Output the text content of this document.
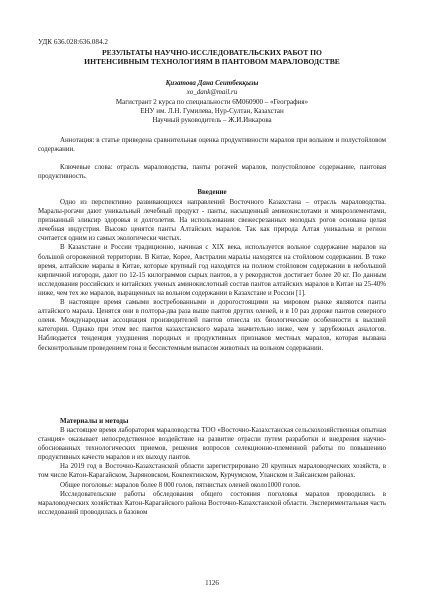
УДК 636.028:636.084.2
РЕЗУЛЬТАТЫ НАУЧНО-ИССЛЕДОВАТЕЛЬСКИХ РАБОТ ПО
ИНТЕНСИВНЫМ ТЕХНОЛОГИЯМ В ПАНТОВОМ МАРАЛОВОДСТВЕ
Қизатова Дана Сеитбекқызы
xo_dank@mail.ru
Магистрант 2 курса по специальности 6М060900 – «География»
ЕНУ им. Л.Н. Гумилева, Нур-Султан, Казахстан
Научный руководитель – Ж.И.Инкарова
Аннотация: в статье приведена сравнительная оценка продуктивности маралов при вольном и полустойловом содержании.
Ключевые слова: отрасль мараловодства, панты рогачей маралов, полустойловое содержание, пантовая продуктивность.
Введение

Одно из перспективно развивающихся направлений Восточного Казахстана – отрасль мараловодства. Маралы-рогачи дают уникальный лечебный продукт - панты, насыщенный аминокислотами и микроэлементами, признанный эликсир здоровья и долголетия. На использовании свежесрезанных молодых рогов основана целая лечебная индустрия. Высоко ценятся панты Алтайских маралов. Так как природа Алтая уникальна и регион считается одним из самых экологически чистых.

В Казахстане и России традиционно, начиная с XIX века, используется вольное содержание маралов на большой огороженной территории. В Китае, Корее, Австралии маралы находятся на стойловом содержании. В тоже время, алтайские маралы в Китае, которые крупный год находятся на полном стойловом содержании в небольшой кирпичной изгороди, дают по 12-15 килограммов сырых пантов, в у рекордистов достигает более 20 кг. По данным исследования российских и китайских ученых аминокислотный состав пантов алтайских маралов в Китае на 25-40% ниже, чем тех же маралов, выращенных на вольном содержании в Казахстане и России [1].

В настоящее время самыми востребованными и дорогостоящими на мировом рынке являются панты алтайского марала. Ценятся они в полтора-два раза выше пантов других оленей, и в 10 раз дороже пантов северного оленя. Международная ассоциация производителей пантов отнесла их биологические особенности к высшей категории. Однако при этом вес пантов казахстанского марала значительно ниже, чем у зарубежных аналогов. Наблюдается тенденция ухудшения породных и продуктивных признаков местных маралов, которая вызвана бесконтрольным проведением гона и бессистемным выпасом животных на вольном содержании.

Материалы и методы

В настоящее время лаборатория мараловодства ТОО «Восточно-Казахстанская сельскохозяйственная опытная станция» оказывает непосредственное воздействие на развитие отрасли путем разработки и внедрения научно-обоснованных технологических приемов, решения вопросов селекционно-племенной работы по повышению продуктивных качеств маралов и их выходу пантов.

На 2019 год в Восточно-Казахстанской области зарегистрировано 20 крупных мараловодческих хозяйств, в том числе Катон-Карагайском, Зыряновском, Кокпектинском, Курчумском, Уланском и Зайсанском районах.

Общее поголовье: маралов более 8 000 голов, пятнистых оленей около1000 голов.

Исследовательские работы обследования общего состояния поголовья маралов проводились в мараловодческих хозяйствах Катон-Карагайского района Восточно-Казахстанской области. Экспериментальная часть исследований проводилась в базовом

1126
